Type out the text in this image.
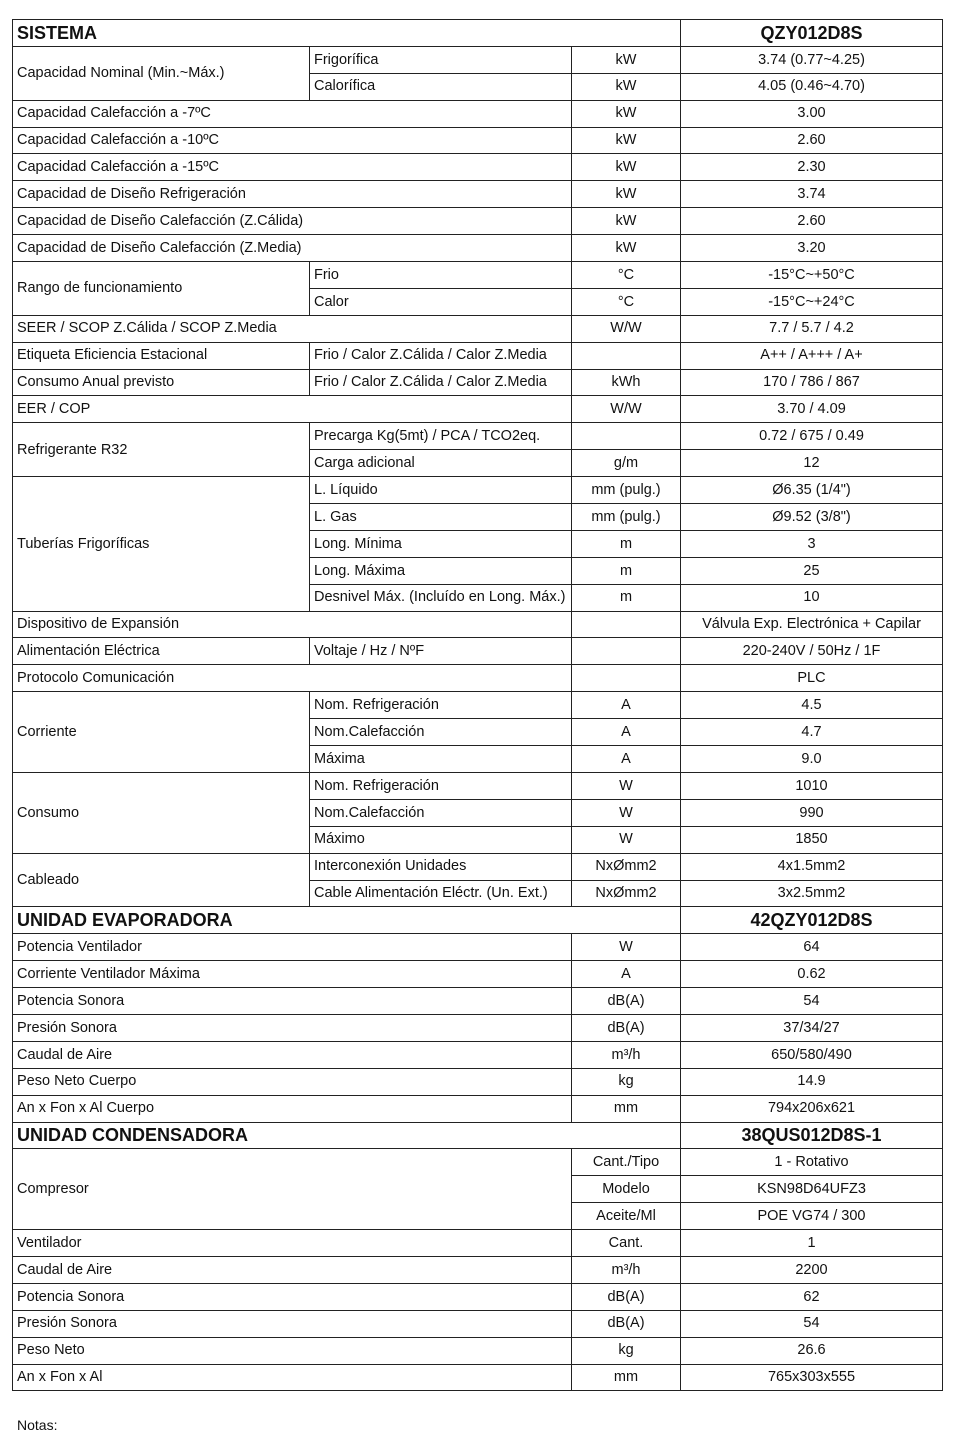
SISTEMA			QZY012D8S
Capacidad Nominal (Min.~Máx.)	Frigorífica	kW	3.74 (0.77~4.25)
	Calorífica	kW	4.05 (0.46~4.70)
Capacidad Calefacción a -7ºC		kW	3.00
Capacidad Calefacción a -10ºC		kW	2.60
Capacidad Calefacción a -15ºC		kW	2.30
Capacidad de Diseño Refrigeración		kW	3.74
Capacidad de Diseño Calefacción (Z.Cálida)		kW	2.60
Capacidad de Diseño Calefacción (Z.Media)		kW	3.20
Rango de funcionamiento	Frio	°C	-15°C~+50°C
	Calor	°C	-15°C~+24°C
SEER / SCOP Z.Cálida / SCOP Z.Media		W/W	7.7 / 5.7 / 4.2
Etiqueta Eficiencia Estacional	Frio / Calor Z.Cálida / Calor Z.Media		A++ / A+++ / A+
Consumo Anual previsto	Frio / Calor Z.Cálida / Calor Z.Media	kWh	170 / 786 / 867
EER / COP		W/W	3.70 / 4.09
Refrigerante R32	Precarga Kg(5mt) / PCA / TCO2eq.		0.72 / 675 / 0.49
	Carga adicional	g/m	12
Tuberías Frigoríficas	L. Líquido	mm (pulg.)	Ø6.35 (1/4")
	L. Gas	mm (pulg.)	Ø9.52 (3/8")
	Long. Mínima	m	3
	Long. Máxima	m	25
	Desnivel Máx. (Incluído en Long. Máx.)	m	10
Dispositivo de Expansión			Válvula Exp. Electrónica + Capilar
Alimentación Eléctrica	Voltaje / Hz / NºF		220-240V / 50Hz / 1F
Protocolo Comunicación			PLC
Corriente	Nom. Refrigeración	A	4.5
	Nom.Calefacción	A	4.7
	Máxima	A	9.0
Consumo	Nom. Refrigeración	W	1010
	Nom.Calefacción	W	990
	Máximo	W	1850
Cableado	Interconexión Unidades	NxØmm2	4x1.5mm2
	Cable Alimentación Eléctr. (Un. Ext.)	NxØmm2	3x2.5mm2
UNIDAD EVAPORADORA			42QZY012D8S
Potencia Ventilador		W	64
Corriente Ventilador Máxima		A	0.62
Potencia Sonora		dB(A)	54
Presión Sonora		dB(A)	37/34/27
Caudal de Aire		m³/h	650/580/490
Peso Neto Cuerpo		kg	14.9
An x Fon x Al Cuerpo		mm	794x206x621
UNIDAD CONDENSADORA			38QUS012D8S-1
Compresor		Cant./Tipo	1 - Rotativo
		Modelo	KSN98D64UFZ3
		Aceite/Ml	POE VG74 / 300
Ventilador		Cant.	1
Caudal de Aire		m³/h	2200
Potencia Sonora		dB(A)	62
Presión Sonora		dB(A)	54
Peso Neto		kg	26.6
An x Fon x Al		mm	765x303x555
Notas:
